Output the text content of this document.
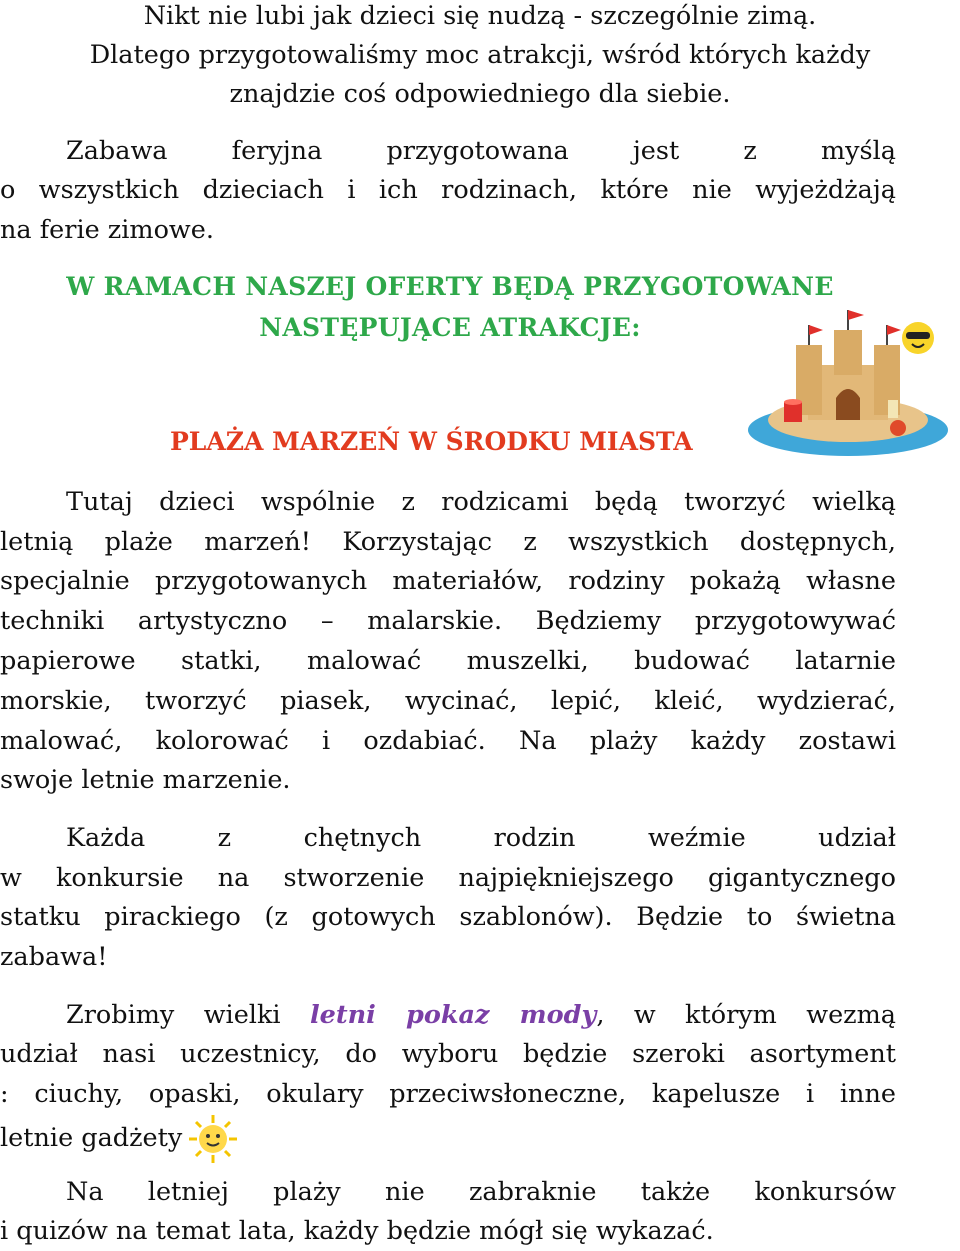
Nikt nie lubi jak dzieci się nudzą - szczególnie zimą.
Dlatego przygotowaliśmy moc atrakcji, wśród których każdy
znajdzie coś odpowiedniego dla siebie.
Zabawa feryjna przygotowana jest z myślą
o wszystkich dzieciach i ich rodzinach, które nie wyjeżdżają
na ferie zimowe.
W RAMACH NASZEJ OFERTY BĘDĄ PRZYGOTOWANE
NASTĘPUJĄCE ATRAKCJE:
PLAŻA MARZEŃ W ŚRODKU MIASTA
Tutaj dzieci wspólnie z rodzicami będą tworzyć wielką
letnią plaże marzeń! Korzystając z wszystkich dostępnych,
specjalnie przygotowanych materiałów, rodziny pokażą własne
techniki artystyczno – malarskie. Będziemy przygotowywać
papierowe statki, malować muszelki, budować latarnie
morskie, tworzyć piasek, wycinać, lepić, kleić, wydzierać,
malować, kolorować i ozdabiać. Na plaży każdy zostawi
swoje letnie marzenie.
Każda z chętnych rodzin weźmie udział
w konkursie na stworzenie najpiękniejszego gigantycznego
statku pirackiego (z gotowych szablonów). Będzie to świetna
zabawa!
Zrobimy wielki letni pokaz mody, w którym wezmą
udział nasi uczestnicy, do wyboru będzie szeroki asortyment
: ciuchy, opaski, okulary przeciwsłoneczne, kapelusze i inne
letnie gadżety
Na letniej plaży nie zabraknie także konkursów
i quizów na temat lata, każdy będzie mógł się wykazać.
